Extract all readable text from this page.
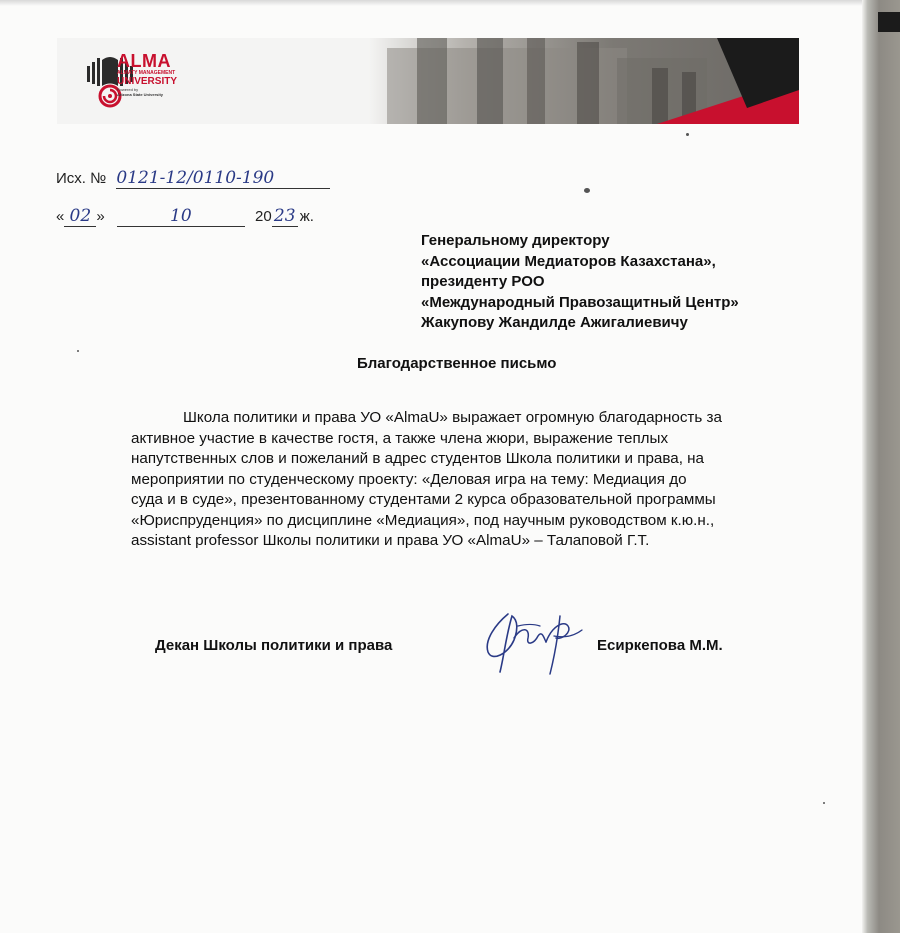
ALMA
ALMATY MANAGEMENT
UNIVERSITY
Powered by
Arizona State University
Исх. № 0121-12/0110-190
« 02 »	10	20 23 ж.
Генеральному директору
«Ассоциации Медиаторов Казахстана»,
президенту РОО
«Международный Правозащитный Центр»
Жакупову Жандилде Ажигалиевичу
Благодарственное письмо
Школа политики и права УО «AlmaU» выражает огромную благодарность за
активное участие в качестве гостя, а также члена жюри, выражение теплых
напутственных слов и пожеланий в адрес студентов Школа политики и права, на
мероприятии по студенческому проекту: «Деловая игра на тему: Медиация до
суда и в суде», презентованному студентами 2 курса образовательной программы
«Юриспруденция» по дисциплине «Медиация», под научным руководством к.ю.н.,
assistant professor Школы политики и права УО «AlmaU» – Талаповой Г.Т.
Декан Школы политики и права	Есиркепова М.М.
